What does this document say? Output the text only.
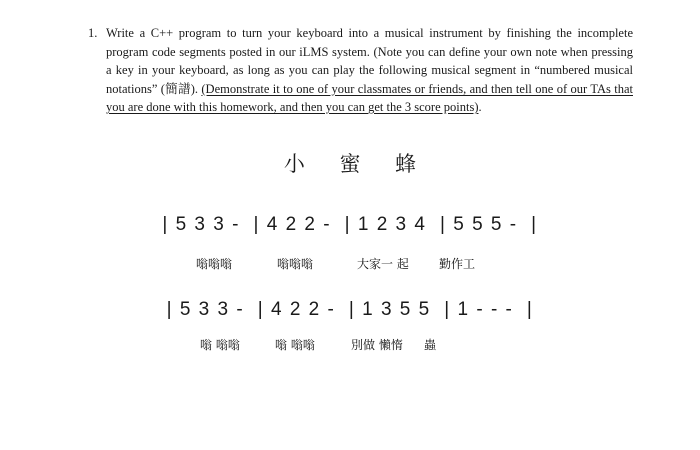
1. Write a C++ program to turn your keyboard into a musical instrument by finishing the incomplete program code segments posted in our iLMS system. (Note you can define your own note when pressing a key in your keyboard, as long as you can play the following musical segment in “numbered musical notations” (簡譜). (Demonstrate it to one of your classmates or friends, and then tell one of our TAs that you are done with this homework, and then you can get the 3 score points).
小 蜜 蜂
| 5 3 3 -  | 4 2 2 -  | 1 2 3 4  | 5 5 5 -  |

嗡嗡嗡

	嗡嗡嗡

	大家一 起

	勤作工

| 5 3 3 -  | 4 2 2 -  | 1 3 5 5  | 1 - - -  |

嗡 嗡嗡

	嗡 嗡嗡

	別做 懶惰

蟲
